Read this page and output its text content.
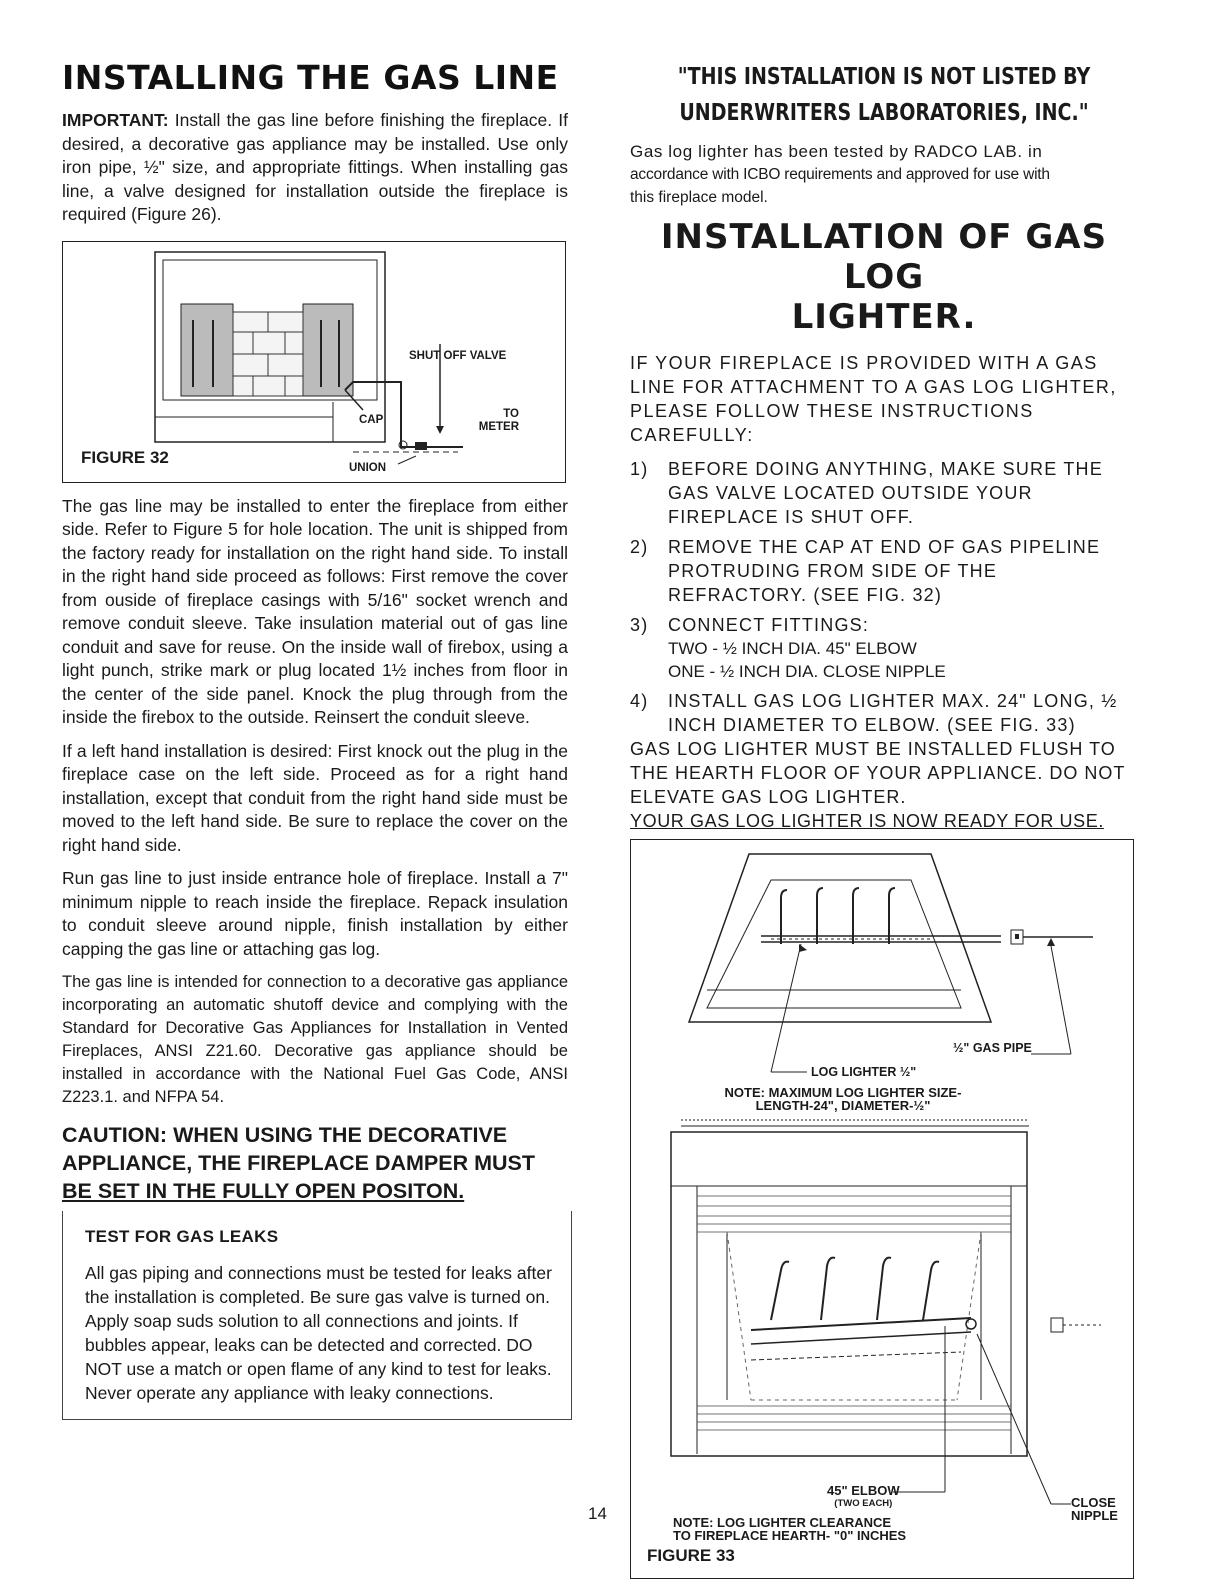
INSTALLING THE GAS LINE

IMPORTANT: Install the gas line before finishing the fireplace. If desired, a decorative gas appliance may be installed. Use only iron pipe, ½" size, and appropriate fittings. When installing gas line, a valve designed for installation outside the fireplace is required (Figure 26).

SHUT OFF VALVE
CAP	TO METER
UNION
FIGURE 32

The gas line may be installed to enter the fireplace from either side. Refer to Figure 5 for hole location. The unit is shipped from the factory ready for installation on the right hand side. To install in the right hand side proceed as follows: First remove the cover from ouside of fireplace casings with 5/16" socket wrench and remove conduit sleeve. Take insulation material out of gas line conduit and save for reuse. On the inside wall of firebox, using a light punch, strike mark or plug located 1½ inches from floor in the center of the side panel. Knock the plug through from the inside the firebox to the outside. Reinsert the conduit sleeve.

If a left hand installation is desired: First knock out the plug in the fireplace case on the left side. Proceed as for a right hand installation, except that conduit from the right hand side must be moved to the left hand side. Be sure to replace the cover on the right hand side.

Run gas line to just inside entrance hole of fireplace. Install a 7" minimum nipple to reach inside the fireplace. Repack insulation to conduit sleeve around nipple, finish installation by either capping the gas line or attaching gas log.

The gas line is intended for connection to a decorative gas appliance incorporating an automatic shutoff device and complying with the Standard for Decorative Gas Appliances for Installation in Vented Fireplaces, ANSI Z21.60. Decorative gas appliance should be installed in accordance with the National Fuel Gas Code, ANSI Z223.1. and NFPA 54.

CAUTION: WHEN USING THE DECORATIVE
APPLIANCE, THE FIREPLACE DAMPER MUST
BE SET IN THE FULLY OPEN POSITON.
TEST FOR GAS LEAKS

All gas piping and connections must be tested for leaks after the installation is completed. Be sure gas valve is turned on. Apply soap suds solution to all connections and joints. If bubbles appear, leaks can be detected and corrected. DO NOT use a match or open flame of any kind to test for leaks. Never operate any appliance with leaky connections.

14
"THIS INSTALLATION IS NOT LISTED BY
UNDERWRITERS LABORATORIES, INC."
Gas log lighter has been tested by RADCO LAB. in
accordance with ICBO requirements and approved for use with
this fireplace model.
INSTALLATION OF GAS LOG
LIGHTER.

IF YOUR FIREPLACE IS PROVIDED WITH A GAS LINE FOR ATTACHMENT TO A GAS LOG LIGHTER, PLEASE FOLLOW THESE INSTRUCTIONS CAREFULLY:

1)	BEFORE DOING ANYTHING, MAKE SURE THE GAS VALVE LOCATED OUTSIDE YOUR FIREPLACE IS SHUT OFF.
2)	REMOVE THE CAP AT END OF GAS PIPELINE PROTRUDING FROM SIDE OF THE REFRACTORY. (SEE FIG. 32)
3)	CONNECT FITTINGS:
TWO - ½ INCH DIA. 45" ELBOW
ONE - ½ INCH DIA. CLOSE NIPPLE
4)	INSTALL GAS LOG LIGHTER MAX. 24" LONG, ½ INCH DIAMETER TO ELBOW. (SEE FIG. 33)

GAS LOG LIGHTER MUST BE INSTALLED FLUSH TO THE HEARTH FLOOR OF YOUR APPLIANCE. DO NOT ELEVATE GAS LOG LIGHTER.

YOUR GAS LOG LIGHTER IS NOW READY FOR USE.

½" GAS PIPE
LOG LIGHTER ½"
NOTE: MAXIMUM LOG LIGHTER SIZE-
LENGTH-24", DIAMETER-½"
45" ELBOW
(TWO EACH)	CLOSE
NIPPLE
NOTE: LOG LIGHTER CLEARANCE
TO FIREPLACE HEARTH- "0" INCHES
FIGURE 33
